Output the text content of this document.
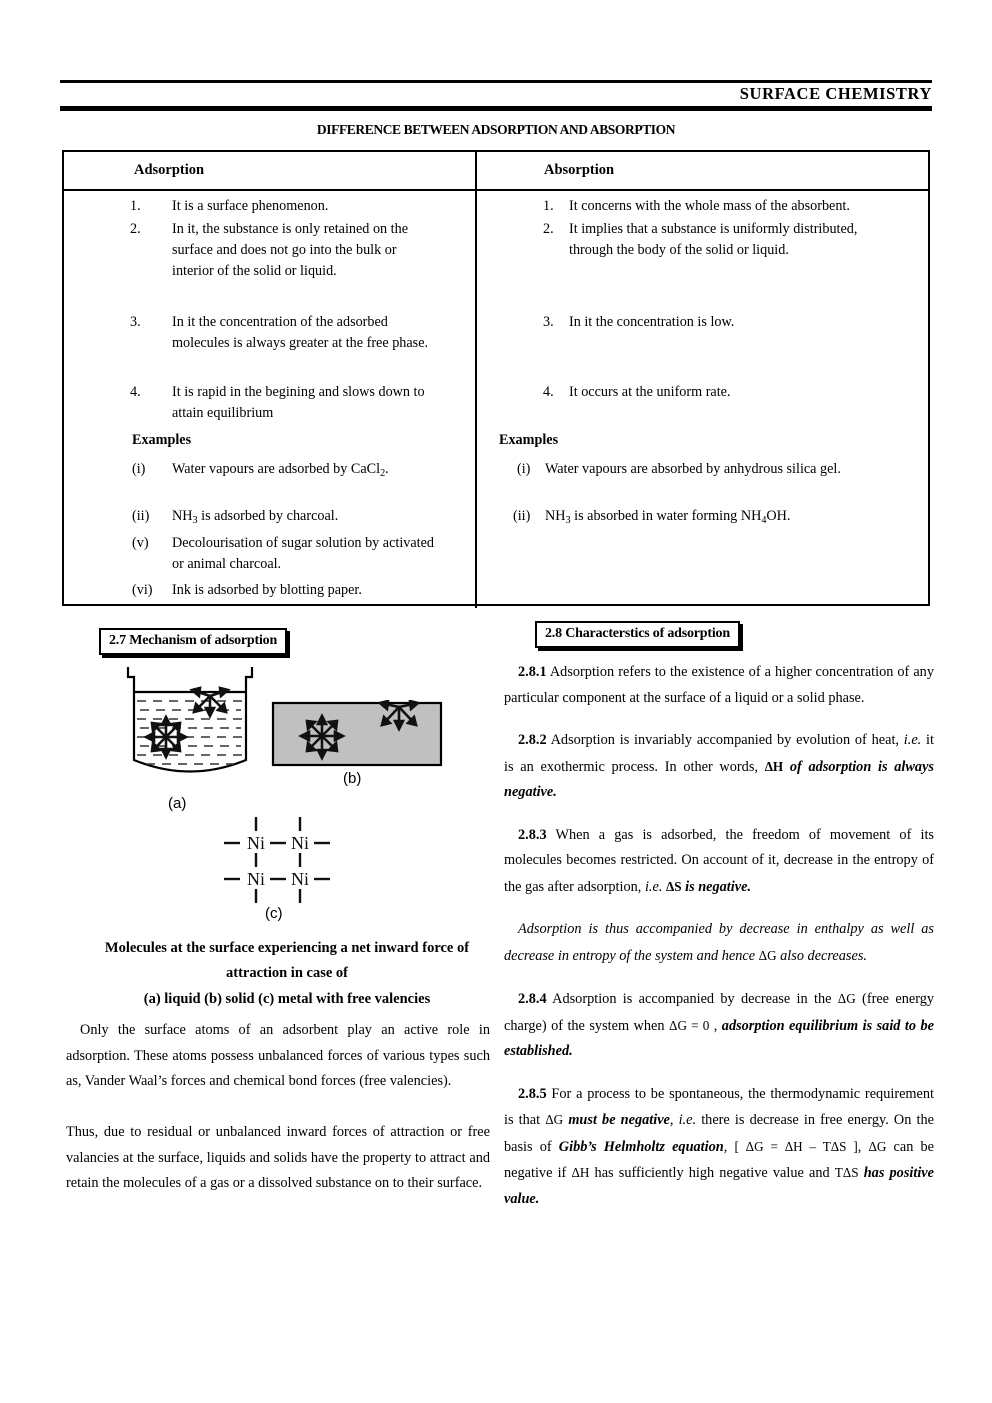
SURFACE CHEMISTRY
DIFFERENCE BETWEEN ADSORPTION AND ABSORPTION
Adsorption	Absorption
1. It is a surface phenomenon.
2. In it, the substance is only retained on the surface and does not go into the bulk or interior of the solid or liquid.
3. In it the concentration of the adsorbed molecules is always greater at the free phase.
4. It is rapid in the begining and slows down to attain equilibrium
Examples
(i) Water vapours are adsorbed by CaCl$_2$.
(ii) $NH_3$ is adsorbed by charcoal.
(v) Decolourisation of sugar solution by activated or animal charcoal.
(vi) Ink is adsorbed by blotting paper.
1. It concerns with the whole mass of the absorbent.
2. It implies that a substance is uniformly distributed, through the body of the solid or liquid.
3. In it the concentration is low.
4. It occurs at the uniform rate.
Examples
(i) Water vapours are absorbed by anhydrous silica gel.
(ii) $NH_3$ is absorbed in water forming $NH_4OH$.
2.7 Mechanism of adsorption
(a)
(b)
Ni Ni
Ni Ni
(c)
Molecules at the surface experiencing a net inward force of
attraction in case of
(a) liquid (b) solid (c) metal with free valencies
Only the surface atoms of an adsorbent play an active role in adsorption. These atoms possess unbalanced forces of various types such as, Vander Waal’s forces and chemical bond forces (free valencies).
Thus, due to residual or unbalanced inward forces of attraction or free valancies at the surface, liquids and solids have the property to attract and retain the molecules of a gas or a dissolved substance on to their surface.
2.8 Characterstics of adsorption

2.8.1 Adsorption refers to the existence of a higher concentration of any particular component at the surface of a liquid or a solid phase.

2.8.2 Adsorption is invariably accompanied by evolution of heat, i.e. it is an exothermic process. In other words, ΔH of adsorption is always negative.

2.8.3 When a gas is adsorbed, the freedom of movement of its molecules becomes restricted. On account of it, decrease in the entropy of the gas after adsorption, i.e. ΔS is negative.

Adsorption is thus accompanied by decrease in enthalpy as well as decrease in entropy of the system and hence ΔG also decreases.

2.8.4 Adsorption is accompanied by decrease in the ΔG (free energy charge) of the system when ΔG = 0 , adsorption equilibrium is said to be established.

2.8.5 For a process to be spontaneous, the thermodynamic requirement is that ΔG must be negative, i.e. there is decrease in free energy. On the basis of Gibb’s Helmholtz equation, [ ΔG = ΔH – TΔS ], ΔG can be negative if ΔH has sufficiently high negative value and TΔS has positive value.
